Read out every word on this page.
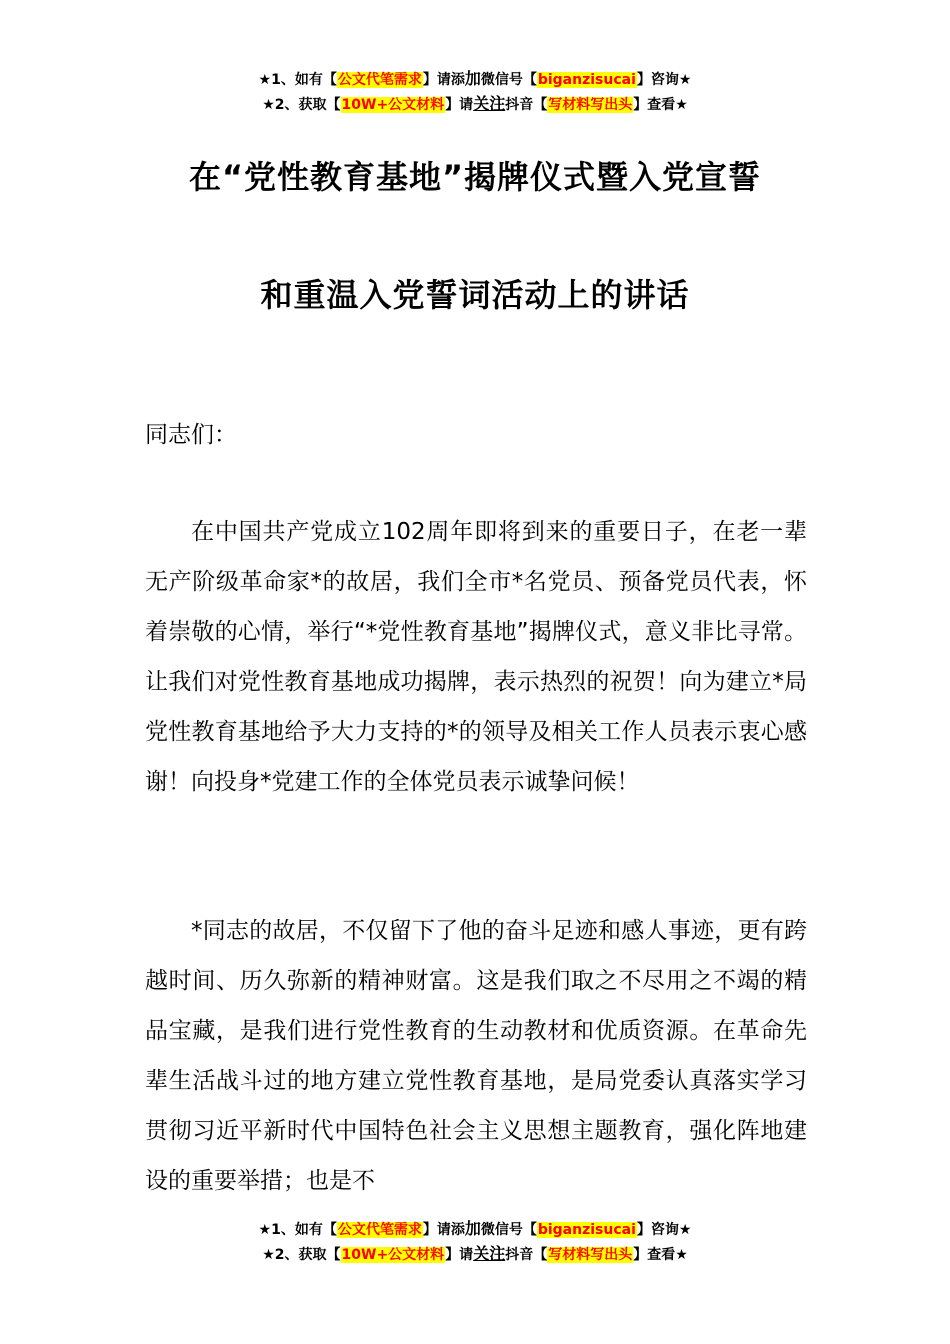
★1、如有【公文代笔需求】请添加微信号【biganzisucai】咨询★
★2、获取【10W+公文材料】请关注抖音【写材料写出头】查看★
在“党性教育基地”揭牌仪式暨入党宣誓
和重温入党誓词活动上的讲话
同志们：
在中国共产党成立102周年即将到来的重要日子，在老一辈无产阶级革命家*的故居，我们全市*名党员、预备党员代表，怀着崇敬的心情，举行“*党性教育基地”揭牌仪式，意义非比寻常。让我们对党性教育基地成功揭牌，表示热烈的祝贺！向为建立*局党性教育基地给予大力支持的*的领导及相关工作人员表示衷心感谢！向投身*党建工作的全体党员表示诚挚问候！
*同志的故居，不仅留下了他的奋斗足迹和感人事迹，更有跨越时间、历久弥新的精神财富。这是我们取之不尽用之不竭的精品宝藏，是我们进行党性教育的生动教材和优质资源。在革命先辈生活战斗过的地方建立党性教育基地，是局党委认真落实学习贯彻习近平新时代中国特色社会主义思想主题教育，强化阵地建设的重要举措；也是不
★1、如有【公文代笔需求】请添加微信号【biganzisucai】咨询★
★2、获取【10W+公文材料】请关注抖音【写材料写出头】查看★
